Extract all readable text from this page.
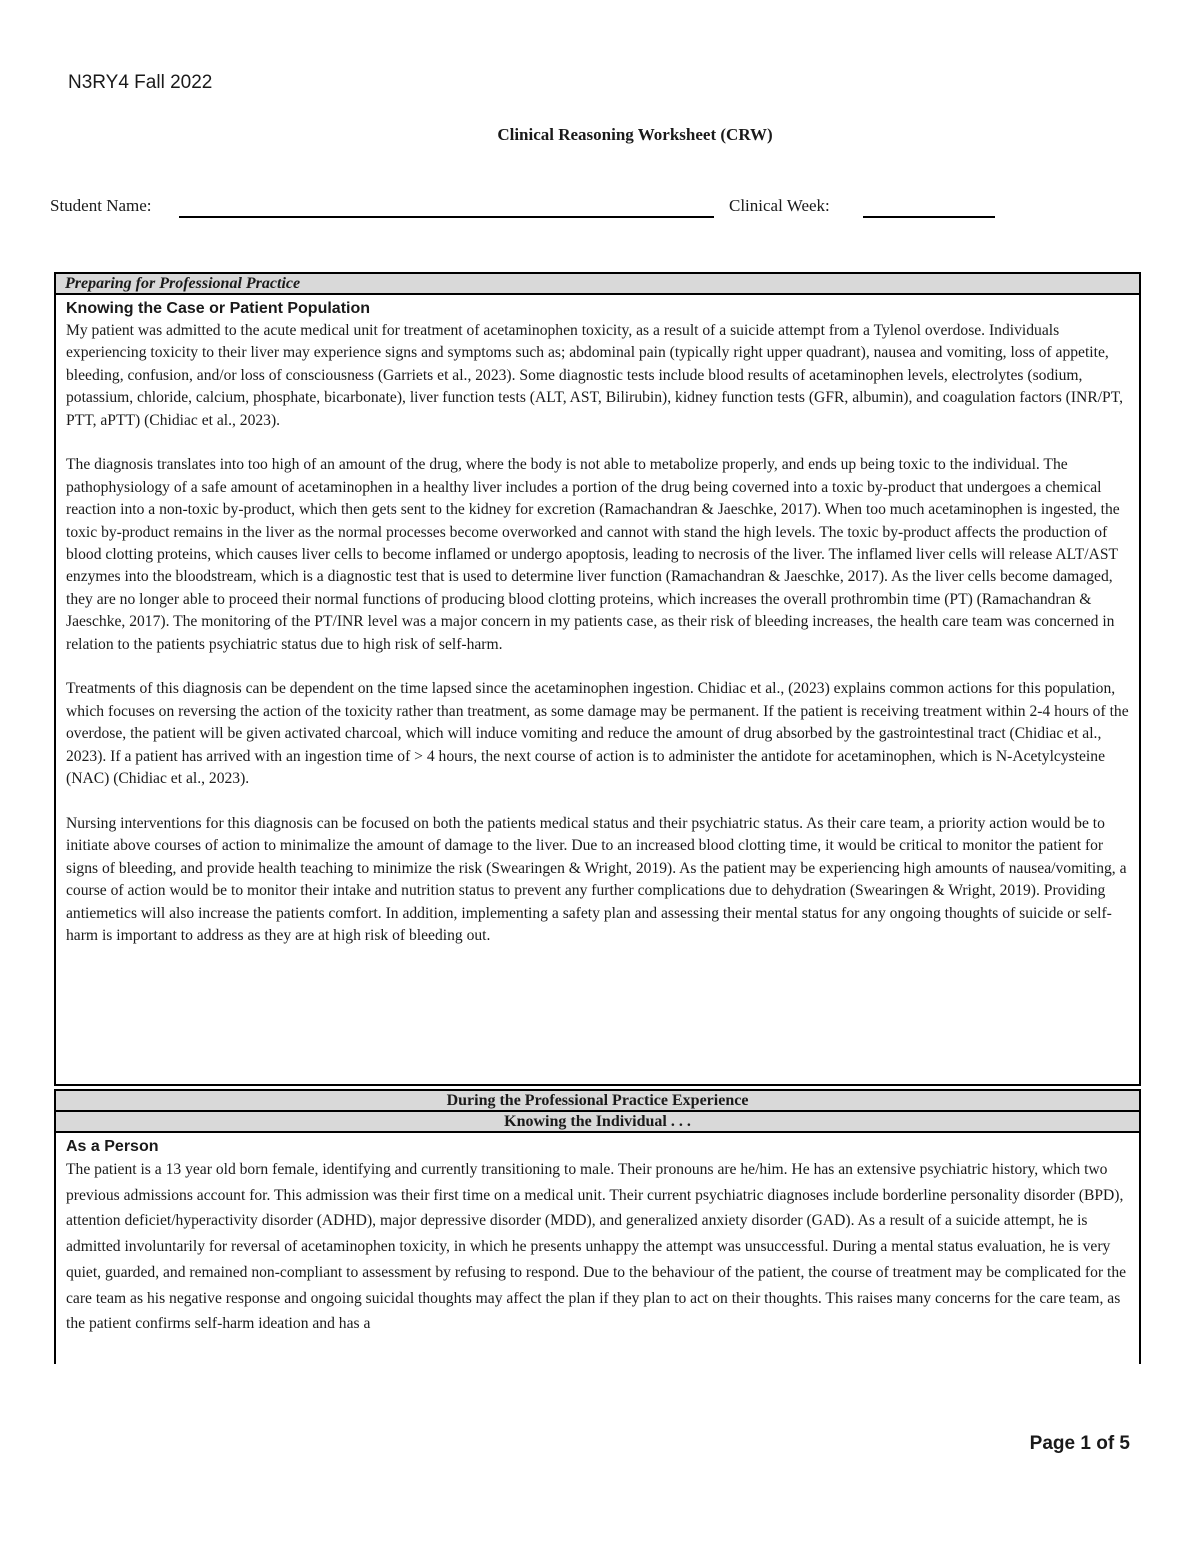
N3RY4 Fall 2022
Clinical Reasoning Worksheet (CRW)
Student Name:	Clinical Week:
Preparing for Professional Practice
Knowing the Case or Patient Population

My patient was admitted to the acute medical unit for treatment of acetaminophen toxicity, as a result of a suicide attempt from a Tylenol overdose. Individuals experiencing toxicity to their liver may experience signs and symptoms such as; abdominal pain (typically right upper quadrant), nausea and vomiting, loss of appetite, bleeding, confusion, and/or loss of consciousness (Garriets et al., 2023). Some diagnostic tests include blood results of acetaminophen levels, electrolytes (sodium, potassium, chloride, calcium, phosphate, bicarbonate), liver function tests (ALT, AST, Bilirubin), kidney function tests (GFR, albumin), and coagulation factors (INR/PT, PTT, aPTT) (Chidiac et al., 2023).

The diagnosis translates into too high of an amount of the drug, where the body is not able to metabolize properly, and ends up being toxic to the individual. The pathophysiology of a safe amount of acetaminophen in a healthy liver includes a portion of the drug being coverned into a toxic by-product that undergoes a chemical reaction into a non-toxic by-product, which then gets sent to the kidney for excretion (Ramachandran & Jaeschke, 2017). When too much acetaminophen is ingested, the toxic by-product remains in the liver as the normal processes become overworked and cannot with stand the high levels. The toxic by-product affects the production of blood clotting proteins, which causes liver cells to become inflamed or undergo apoptosis, leading to necrosis of the liver. The inflamed liver cells will release ALT/AST enzymes into the bloodstream, which is a diagnostic test that is used to determine liver function (Ramachandran & Jaeschke, 2017). As the liver cells become damaged, they are no longer able to proceed their normal functions of producing blood clotting proteins, which increases the overall prothrombin time (PT) (Ramachandran & Jaeschke, 2017). The monitoring of the PT/INR level was a major concern in my patients case, as their risk of bleeding increases, the health care team was concerned in relation to the patients psychiatric status due to high risk of self-harm.

Treatments of this diagnosis can be dependent on the time lapsed since the acetaminophen ingestion. Chidiac et al., (2023) explains common actions for this population, which focuses on reversing the action of the toxicity rather than treatment, as some damage may be permanent. If the patient is receiving treatment within 2-4 hours of the overdose, the patient will be given activated charcoal, which will induce vomiting and reduce the amount of drug absorbed by the gastrointestinal tract (Chidiac et al., 2023). If a patient has arrived with an ingestion time of > 4 hours, the next course of action is to administer the antidote for acetaminophen, which is N-Acetylcysteine (NAC) (Chidiac et al., 2023).

Nursing interventions for this diagnosis can be focused on both the patients medical status and their psychiatric status. As their care team, a priority action would be to initiate above courses of action to minimalize the amount of damage to the liver. Due to an increased blood clotting time, it would be critical to monitor the patient for signs of bleeding, and provide health teaching to minimize the risk (Swearingen & Wright, 2019). As the patient may be experiencing high amounts of nausea/vomiting, a course of action would be to monitor their intake and nutrition status to prevent any further complications due to dehydration (Swearingen & Wright, 2019). Providing antiemetics will also increase the patients comfort. In addition, implementing a safety plan and assessing their mental status for any ongoing thoughts of suicide or self-harm is important to address as they are at high risk of bleeding out.

During the Professional Practice Experience
Knowing the Individual . . .
As a Person

The patient is a 13 year old born female, identifying and currently transitioning to male. Their pronouns are he/him. He has an extensive psychiatric history, which two previous admissions account for. This admission was their first time on a medical unit. Their current psychiatric diagnoses include borderline personality disorder (BPD), attention deficiet/hyperactivity disorder (ADHD), major depressive disorder (MDD), and generalized anxiety disorder (GAD). As a result of a suicide attempt, he is admitted involuntarily for reversal of acetaminophen toxicity, in which he presents unhappy the attempt was unsuccessful. During a mental status evaluation, he is very quiet, guarded, and remained non-compliant to assessment by refusing to respond. Due to the behaviour of the patient, the course of treatment may be complicated for the care team as his negative response and ongoing suicidal thoughts may affect the plan if they plan to act on their thoughts. This raises many concerns for the care team, as the patient confirms self-harm ideation and has a

Page 1 of 5
